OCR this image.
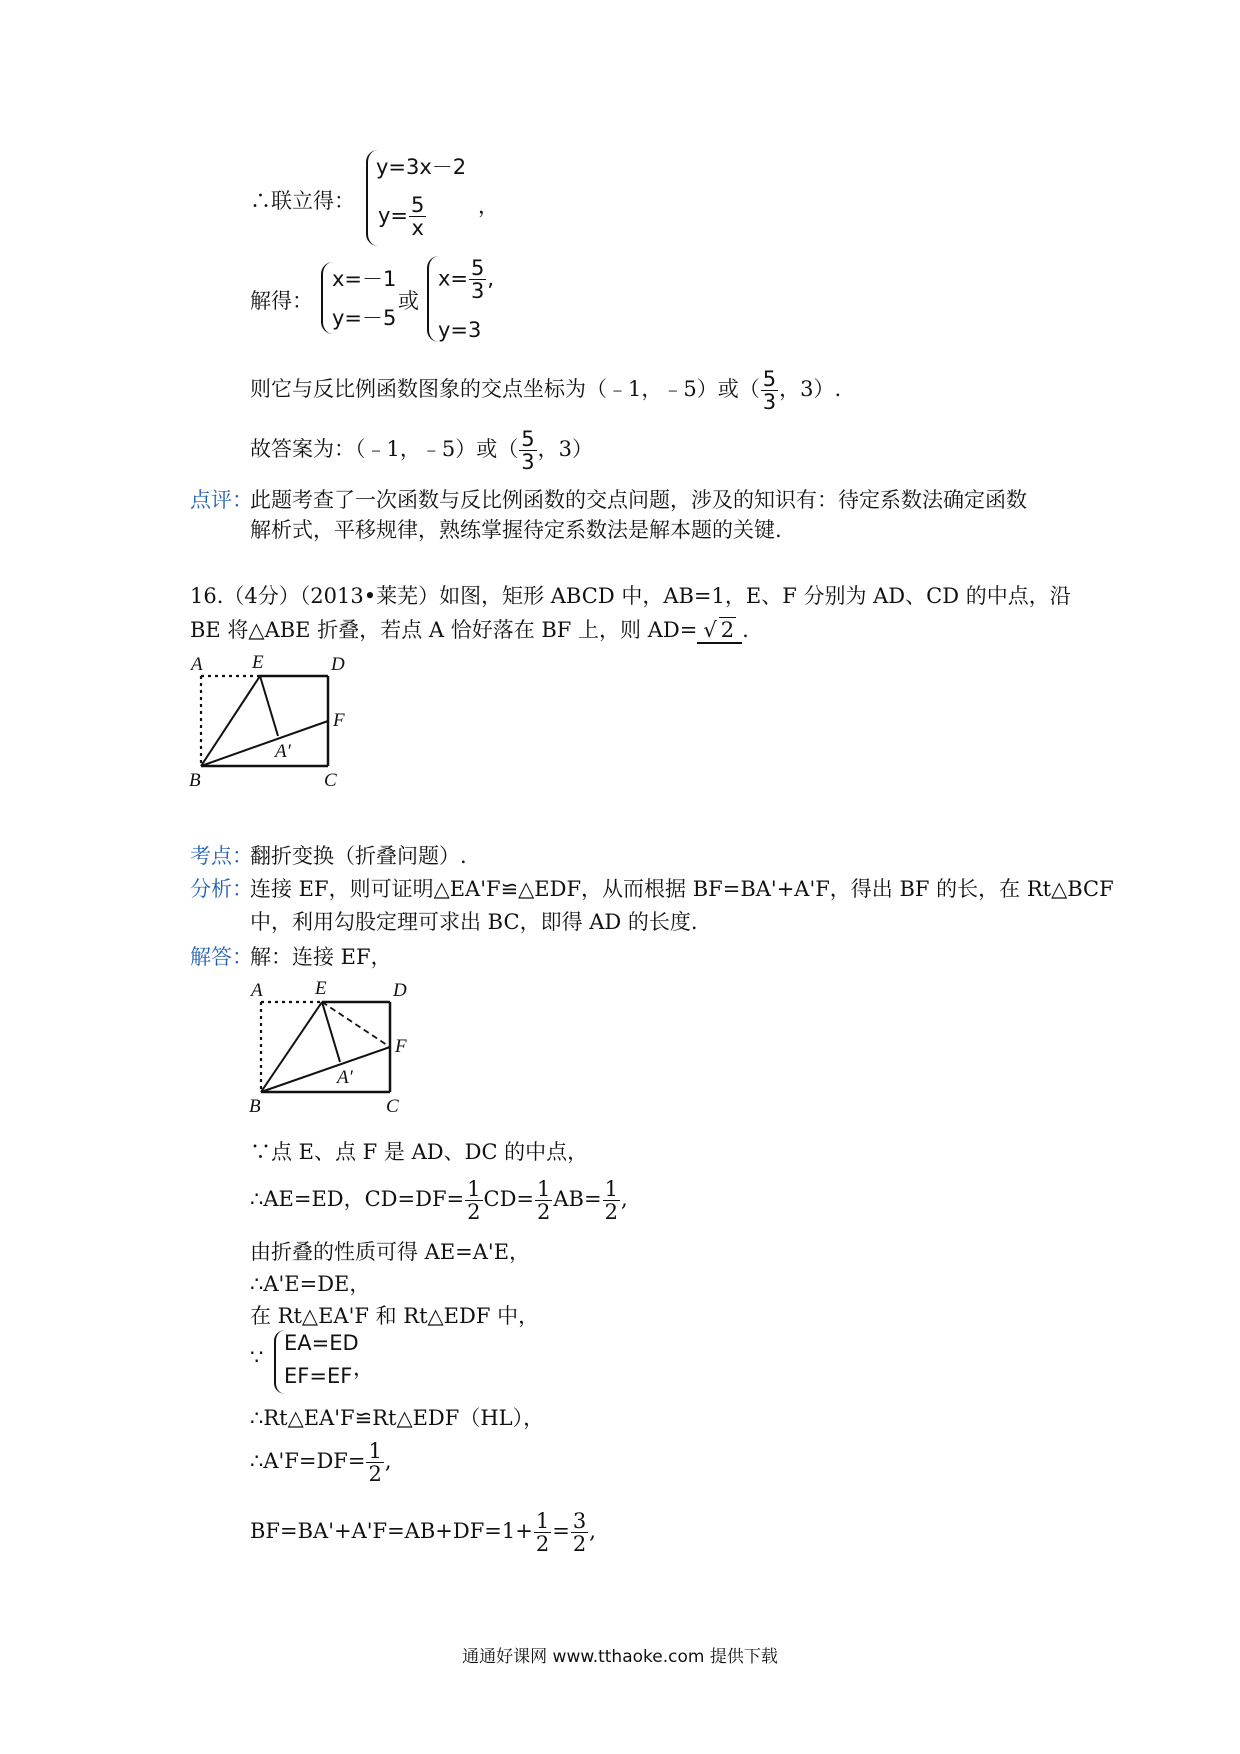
∴联立得：
y=3x－2
$y= \frac{5}{x}$ ，
解得：
x=－1
y=－5
或
$x= \frac{5}{3}$ ,
y=3
则它与反比例函数图象的交点坐标为（﹣1，﹣5）或（ $\frac{5}{3}$ ，3）.
故答案为：（﹣1，﹣5）或（ $\frac{5}{3}$ ，3）
点评：
此题考查了一次函数与反比例函数的交点问题，涉及的知识有：待定系数法确定函数
解析式，平移规律，熟练掌握待定系数法是解本题的关键.
16.（4分）（2013•莱芜）如图，矩形 ABCD 中，AB=1，E、F 分别为 AD、CD 的中点，沿
BE 将△ABE 折叠，若点 A 恰好落在 BF 上，则 AD= √ 2 .
A	E	D
F
A′
B	C
考点：
翻折变换（折叠问题）.
分析：
连接 EF，则可证明△EA'F≌△EDF，从而根据 BF=BA'+A'F，得出 BF 的长，在 Rt△BCF
中，利用勾股定理可求出 BC，即得 AD 的长度.
解答：
解：连接 EF，
A	E	D
F
A′
B	C
∵点 E、点 F 是 AD、DC 的中点，
∴AE=ED，$CD=DF= \frac{1}{2} CD= \frac{1}{2} AB= \frac{1}{2}$ ,
由折叠的性质可得 AE=A'E，
∴A'E=DE，
在 Rt△EA'F 和 Rt△EDF 中，
∵
EA=ED
EF=EF ，
∴Rt△EA'F≌Rt△EDF（HL），
∴A'F=DF= $\frac{1}{2}$ ,
$BF=BA'+A'F=AB+DF=1+ \frac{1}{2} = \frac{3}{2}$ ,
通通好课网 www.tthaoke.com 提供下载
